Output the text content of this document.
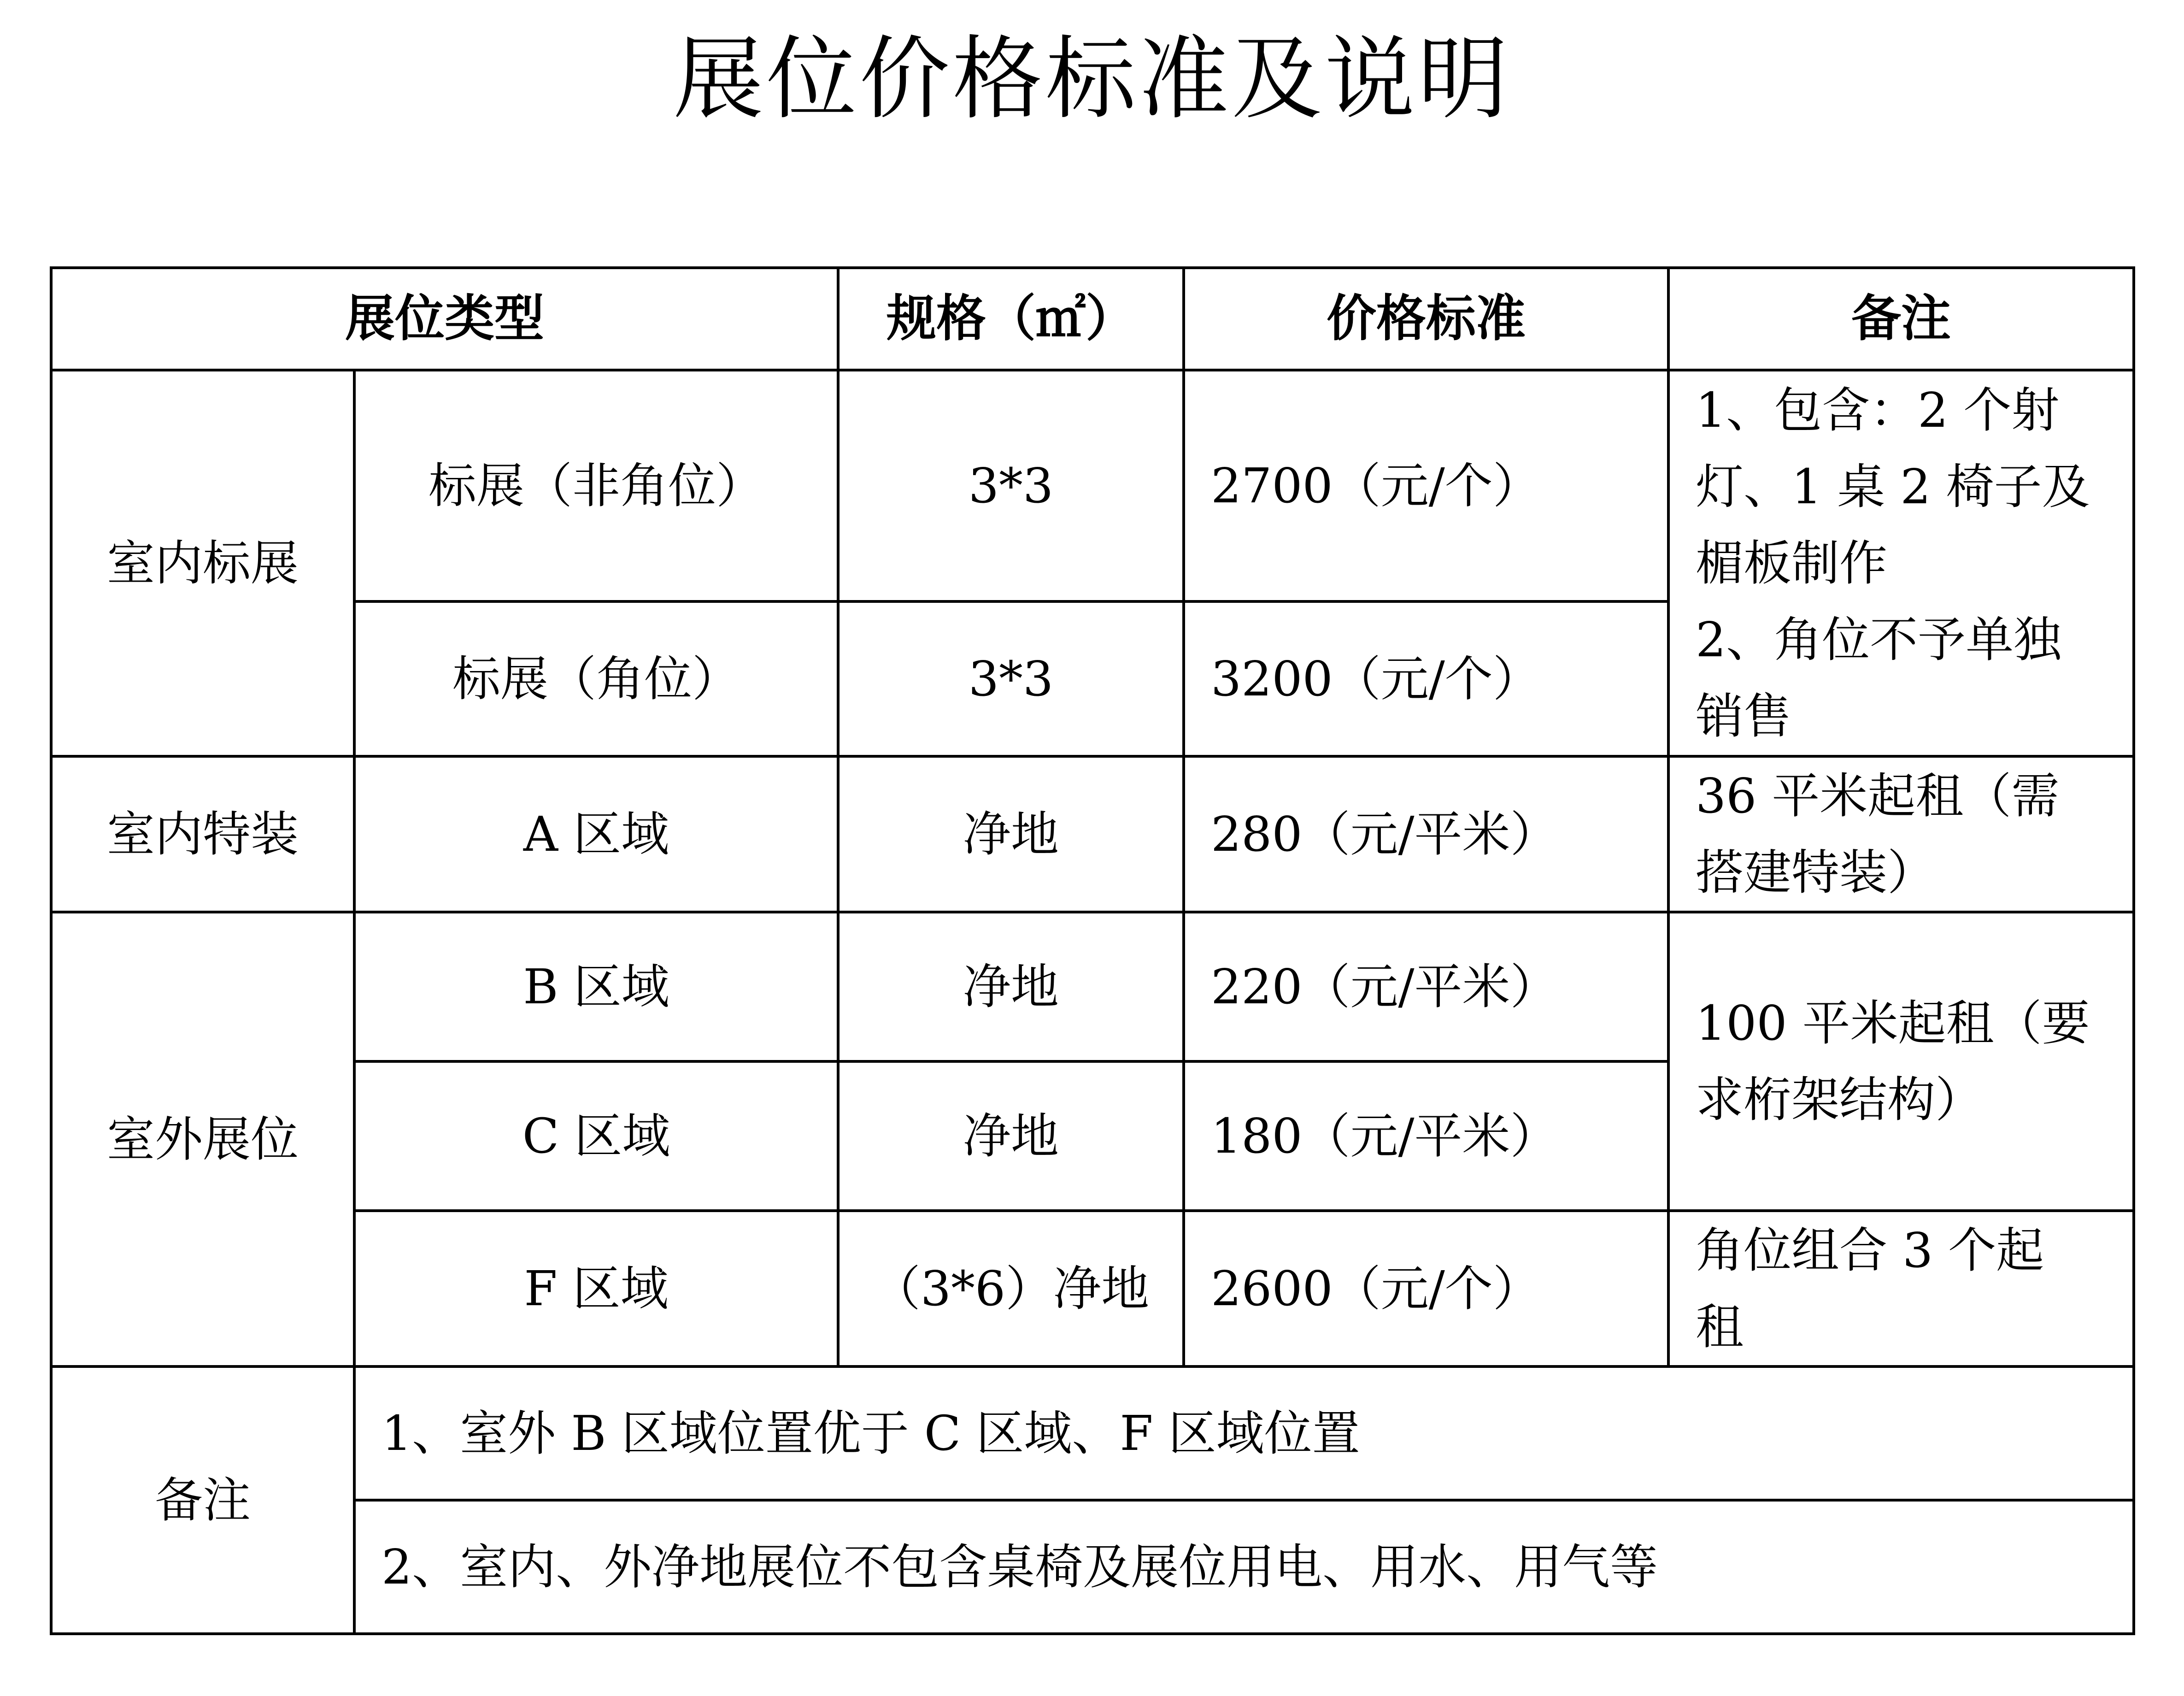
展位价格标准及说明
展位类型		规格（㎡）	价格标准	备注
室内标展	标展（非角位）	3*3	2700（元/个）	1、包含：2 个射
灯、1 桌 2 椅子及
楣板制作
2、角位不予单独
销售
	标展（角位）	3*3	3200（元/个）	
室内特装	A 区域	净地	280（元/平米）	36 平米起租（需
搭建特装）
室外展位	B 区域	净地	220（元/平米）	100 平米起租（要
求桁架结构）
	C 区域	净地	180（元/平米）	
	F 区域	（3*6）净地	2600（元/个）	角位组合 3 个起
租
备注	1、室外 B 区域位置优于 C 区域、F 区域位置			
	2、室内、外净地展位不包含桌椅及展位用电、用水、用气等			
